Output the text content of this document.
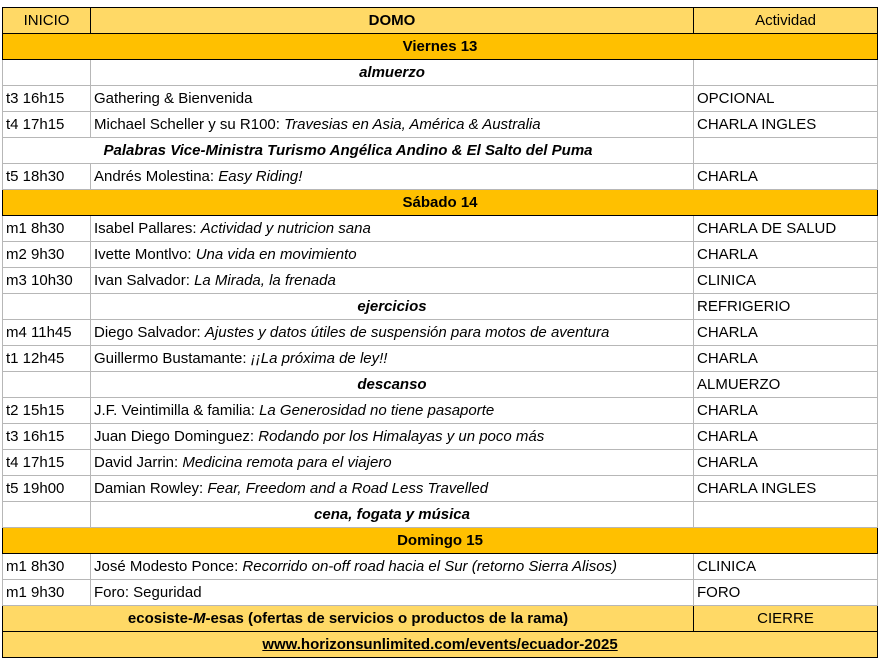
INICIO	DOMO	Actividad
Viernes 13		
	almuerzo	
t3 16h15	Gathering & Bienvenida	OPCIONAL
t4 17h15	Michael Scheller y su R100: Travesias en Asia, América & Australia	CHARLA INGLES
Palabras Vice-Ministra Turismo Angélica Andino & El Salto del Puma		
t5 18h30	Andrés Molestina: Easy Riding!	CHARLA
Sábado 14		
m1 8h30	Isabel Pallares: Actividad y nutricion sana	CHARLA DE SALUD
m2 9h30	Ivette Montlvo: Una vida en movimiento	CHARLA
m3 10h30	Ivan Salvador: La Mirada, la frenada	CLINICA
	ejercicios	REFRIGERIO
m4 11h45	Diego Salvador: Ajustes y datos útiles de suspensión para motos de aventura	CHARLA
t1 12h45	Guillermo Bustamante: ¡¡La próxima de ley!!	CHARLA
	descanso	ALMUERZO
t2 15h15	J.F. Veintimilla & familia: La Generosidad no tiene pasaporte	CHARLA
t3 16h15	Juan Diego Dominguez: Rodando por los Himalayas y un poco más	CHARLA
t4 17h15	David Jarrin: Medicina remota para el viajero	CHARLA
t5 19h00	Damian Rowley: Fear, Freedom and a Road Less Travelled	CHARLA INGLES
	cena, fogata y música	
Domingo 15		
m1 8h30	José Modesto Ponce: Recorrido on-off road hacia el Sur (retorno Sierra Alisos)	CLINICA
m1 9h30	Foro: Seguridad	FORO
ecosiste-M-esas (ofertas de servicios o productos de la rama)		CIERRE
www.horizonsunlimited.com/events/ecuador-2025		
